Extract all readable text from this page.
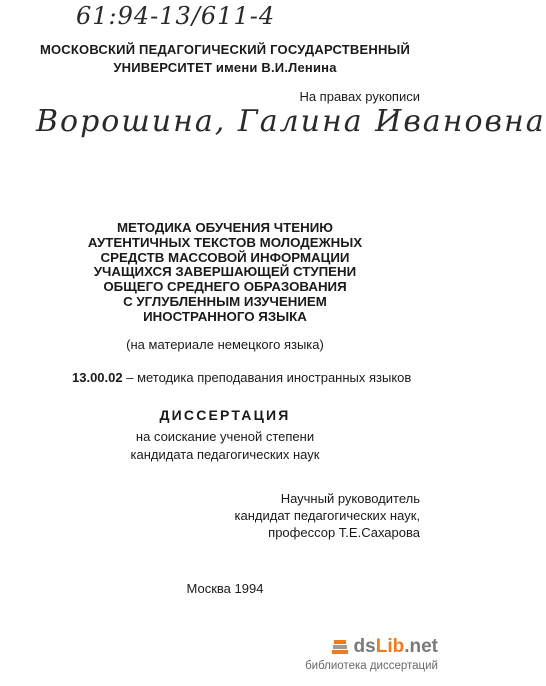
61:94-13/611-4
МОСКОВСКИЙ ПЕДАГОГИЧЕСКИЙ ГОСУДАРСТВЕННЫЙ
УНИВЕРСИТЕТ имени В.И.Ленина
На правах рукописи
Ворошина, Галина Ивановна
МЕТОДИКА ОБУЧЕНИЯ ЧТЕНИЮ
АУТЕНТИЧНЫХ ТЕКСТОВ МОЛОДЕЖНЫХ
СРЕДСТВ МАССОВОЙ ИНФОРМАЦИИ
УЧАЩИХСЯ ЗАВЕРШАЮЩЕЙ СТУПЕНИ
ОБЩЕГО СРЕДНЕГО ОБРАЗОВАНИЯ
С УГЛУБЛЕННЫМ ИЗУЧЕНИЕМ
ИНОСТРАННОГО ЯЗЫКА
(на материале немецкого языка)
13.00.02 – методика преподавания иностранных языков
ДИССЕРТАЦИЯ
на соискание ученой степени
кандидата педагогических наук
Научный руководитель
кандидат педагогических наук,
профессор Т.Е.Сахарова
Москва 1994
dsLib.net
библиотека диссертаций
